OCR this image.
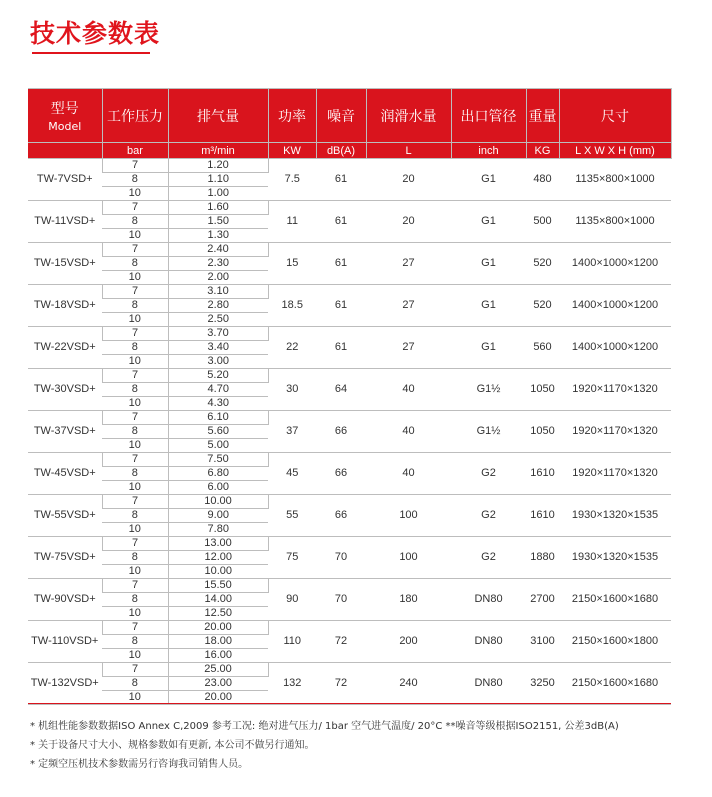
技术参数表
型号
Model	工作压力	排气量	功率	噪音	润滑水量	出口管径	重量	尺寸
	bar	m³/min	KW	dB(A)	L	inch	KG	L X W X H (mm)
TW-7VSD+	7	1.20	7.5	61	20	G1	480	1135×800×1000
	8	1.10						
	10	1.00						
TW-11VSD+	7	1.60	11	61	20	G1	500	1135×800×1000
	8	1.50						
	10	1.30						
TW-15VSD+	7	2.40	15	61	27	G1	520	1400×1000×1200
	8	2.30						
	10	2.00						
TW-18VSD+	7	3.10	18.5	61	27	G1	520	1400×1000×1200
	8	2.80						
	10	2.50						
TW-22VSD+	7	3.70	22	61	27	G1	560	1400×1000×1200
	8	3.40						
	10	3.00						
TW-30VSD+	7	5.20	30	64	40	G1½	1050	1920×1170×1320
	8	4.70						
	10	4.30						
TW-37VSD+	7	6.10	37	66	40	G1½	1050	1920×1170×1320
	8	5.60						
	10	5.00						
TW-45VSD+	7	7.50	45	66	40	G2	1610	1920×1170×1320
	8	6.80						
	10	6.00						
TW-55VSD+	7	10.00	55	66	100	G2	1610	1930×1320×1535
	8	9.00						
	10	7.80						
TW-75VSD+	7	13.00	75	70	100	G2	1880	1930×1320×1535
	8	12.00						
	10	10.00						
TW-90VSD+	7	15.50	90	70	180	DN80	2700	2150×1600×1680
	8	14.00						
	10	12.50						
TW-110VSD+	7	20.00	110	72	200	DN80	3100	2150×1600×1800
	8	18.00						
	10	16.00						
TW-132VSD+	7	25.00	132	72	240	DN80	3250	2150×1600×1680
	8	23.00						
	10	20.00						
* 机组性能参数数据ISO Annex C,2009 参考工况: 绝对进气压力/ 1bar 空气进气温度/ 20°C **噪音等级根据ISO2151, 公差3dB(A)
* 关于设备尺寸大小、规格参数如有更新, 本公司不做另行通知。
* 定频空压机技术参数需另行咨询我司销售人员。
